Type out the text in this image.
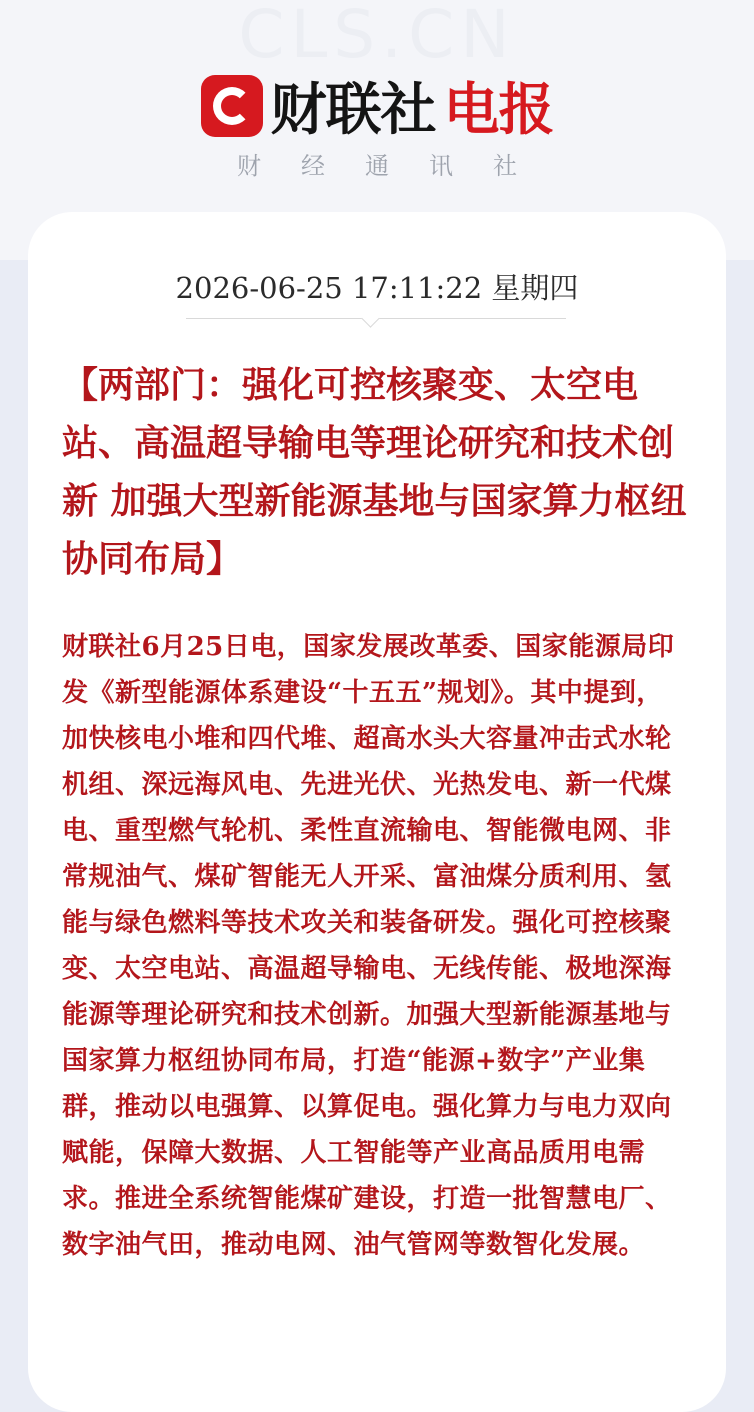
CLS.CN
财联社 电报
财经通讯社
2026-06-25 17:11:22 星期四

【两部门：强化可控核聚变、太空电站、高温超导输电等理论研究和技术创新 加强大型新能源基地与国家算力枢纽协同布局】

财联社6月25日电，国家发展改革委、国家能源局印发《新型能源体系建设“十五五”规划》。其中提到，加快核电小堆和四代堆、超高水头大容量冲击式水轮机组、深远海风电、先进光伏、光热发电、新一代煤电、重型燃气轮机、柔性直流输电、智能微电网、非常规油气、煤矿智能无人开采、富油煤分质利用、氢能与绿色燃料等技术攻关和装备研发。强化可控核聚变、太空电站、高温超导输电、无线传能、极地深海能源等理论研究和技术创新。加强大型新能源基地与国家算力枢纽协同布局，打造“能源+数字”产业集群，推动以电强算、以算促电。强化算力与电力双向赋能，保障大数据、人工智能等产业高品质用电需求。推进全系统智能煤矿建设，打造一批智慧电厂、数字油气田，推动电网、油气管网等数智化发展。
